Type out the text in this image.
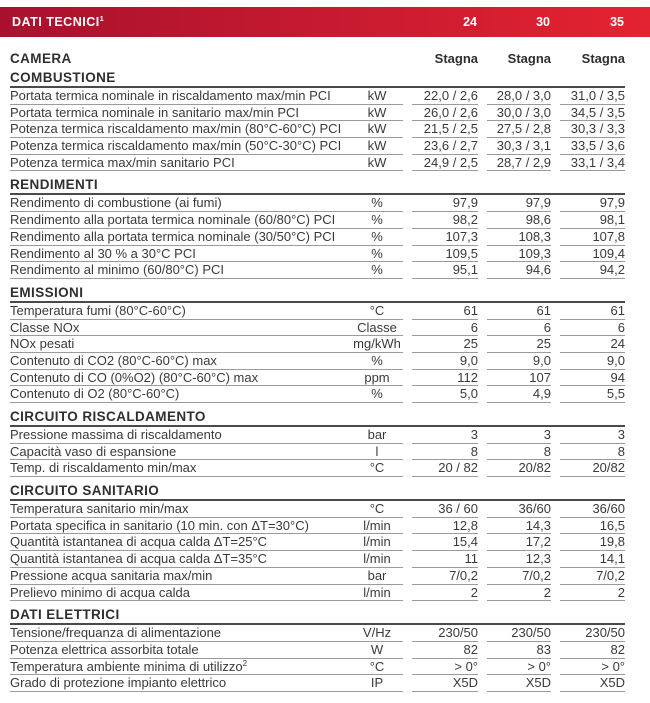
DATI TECNICI$^1$	24	30	35
CAMERA	Stagna	Stagna	Stagna
COMBUSTIONE
Portata termica nominale in riscaldamento max/min PCI	kW	22,0 / 2,6	28,0 / 3,0	31,0 / 3,5
Portata termica nominale in sanitario max/min PCI	kW	26,0 / 2,6	30,0 / 3,0	34,5 / 3,5
Potenza termica riscaldamento max/min (80°C-60°C) PCI	kW	21,5 / 2,5	27,5 / 2,8	30,3 / 3,3
Potenza termica riscaldamento max/min (50°C-30°C) PCI	kW	23,6 / 2,7	30,3 / 3,1	33,5 / 3,6
Potenza termica max/min sanitario PCI	kW	24,9 / 2,5	28,7 / 2,9	33,1 / 3,4
RENDIMENTI
Rendimento di combustione (ai fumi)	%	97,9	97,9	97,9
Rendimento alla portata termica nominale (60/80°C) PCI	%	98,2	98,6	98,1
Rendimento alla portata termica nominale (30/50°C) PCI	%	107,3	108,3	107,8
Rendimento al 30 % a 30°C PCI	%	109,5	109,3	109,4
Rendimento al minimo (60/80°C) PCI	%	95,1	94,6	94,2
EMISSIONI
Temperatura fumi (80°C-60°C)	°C	61	61	61
Classe NOx	Classe	6	6	6
NOx pesati	mg/kWh	25	25	24
Contenuto di CO2 (80°C-60°C) max	%	9,0	9,0	9,0
Contenuto di CO (0%O2) (80°C-60°C) max	ppm	112	107	94
Contenuto di O2 (80°C-60°C)	%	5,0	4,9	5,5
CIRCUITO RISCALDAMENTO
Pressione massima di riscaldamento	bar	3	3	3
Capacità vaso di espansione	l	8	8	8
Temp. di riscaldamento min/max	°C	20 / 82	20/82	20/82
CIRCUITO SANITARIO
Temperatura sanitario min/max	°C	36 / 60	36/60	36/60
Portata specifica in sanitario (10 min. con ΔT=30°C)	l/min	12,8	14,3	16,5
Quantità istantanea di acqua calda ΔT=25°C	l/min	15,4	17,2	19,8
Quantità istantanea di acqua calda ΔT=35°C	l/min	11	12,3	14,1
Pressione acqua sanitaria max/min	bar	7/0,2	7/0,2	7/0,2
Prelievo minimo di acqua calda	l/min	2	2	2
DATI ELETTRICI
Tensione/frequanza di alimentazione	V/Hz	230/50	230/50	230/50
Potenza elettrica assorbita totale	W	82	83	82
Temperatura ambiente minima di utilizzo$^2$	°C	> 0°	> 0°	> 0°
Grado di protezione impianto elettrico	IP	X5D	X5D	X5D
